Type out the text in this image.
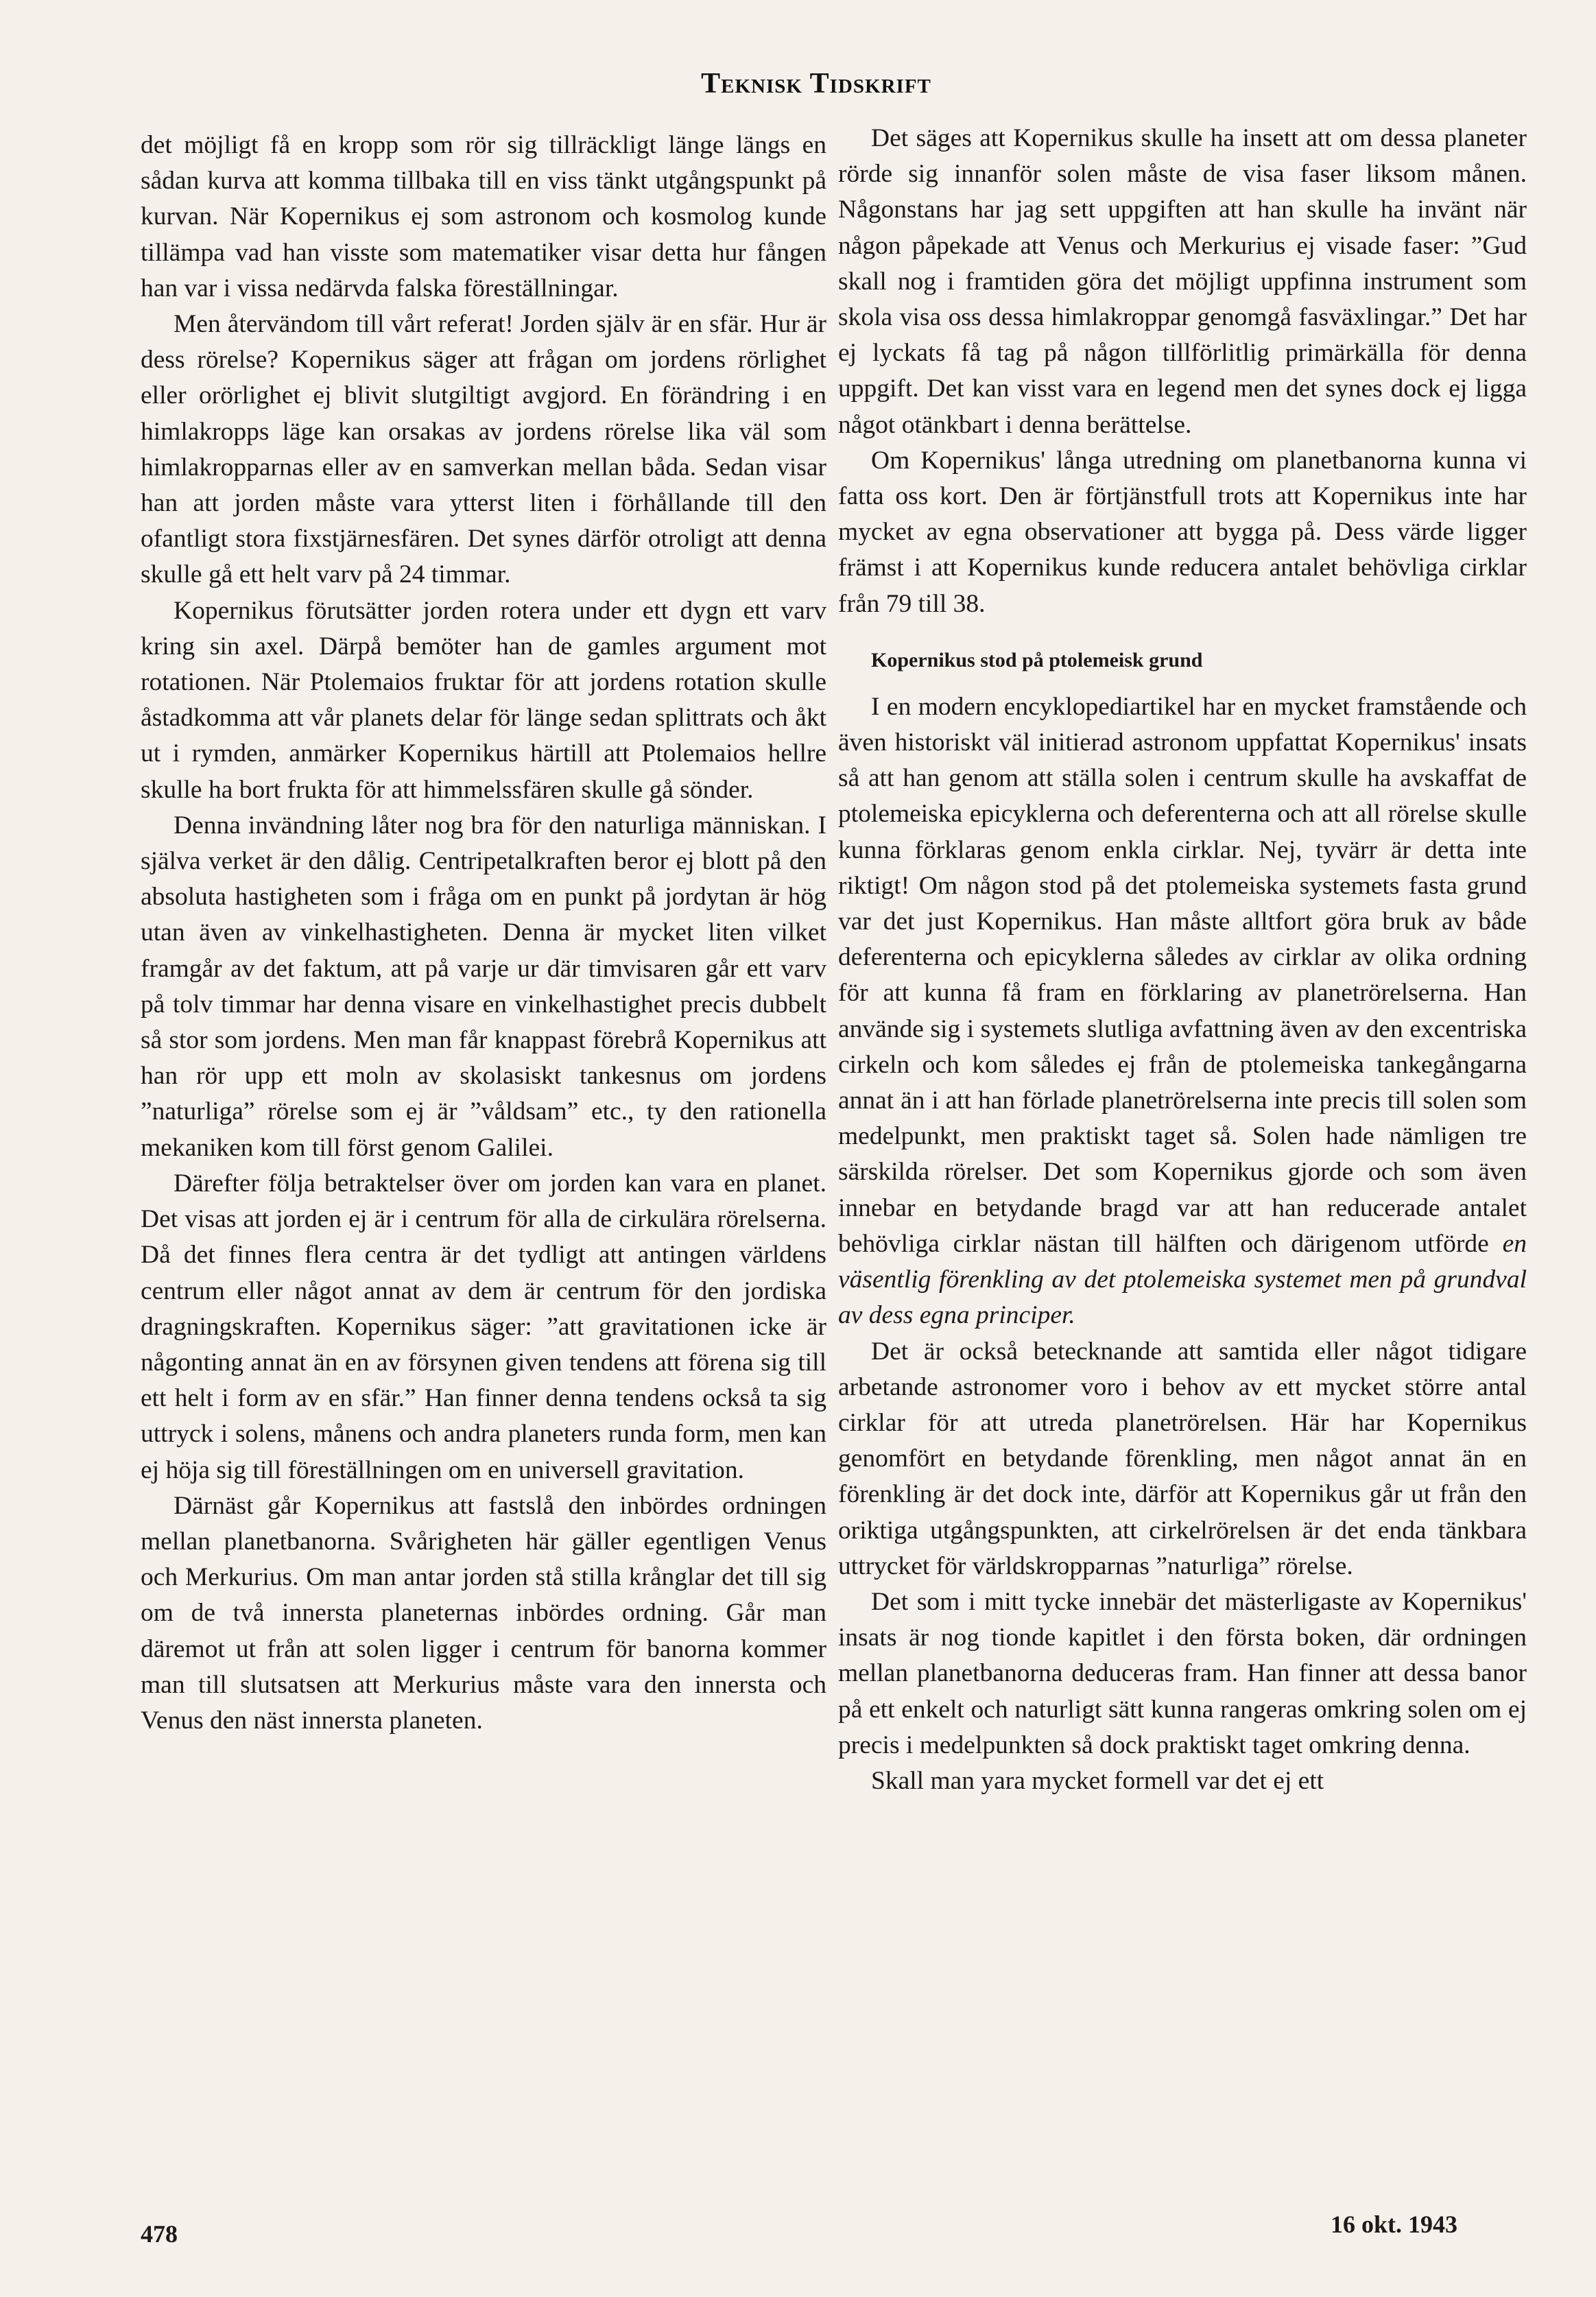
Teknisk Tidskrift

det möjligt få en kropp som rör sig tillräckligt länge längs en sådan kurva att komma tillbaka till en viss tänkt utgångspunkt på kurvan. När Kopernikus ej som astronom och kosmolog kunde tillämpa vad han visste som matematiker visar detta hur fången han var i vissa nedärvda falska föreställningar.

Men återvändom till vårt referat! Jorden själv är en sfär. Hur är dess rörelse? Kopernikus säger att frågan om jordens rörlighet eller orörlighet ej blivit slutgiltigt avgjord. En förändring i en himlakropps läge kan orsakas av jordens rörelse lika väl som himlakropparnas eller av en samverkan mellan båda. Sedan visar han att jorden måste vara ytterst liten i förhållande till den ofantligt stora fixstjärnesfären. Det synes därför otroligt att denna skulle gå ett helt varv på 24 timmar.

Kopernikus förutsätter jorden rotera under ett dygn ett varv kring sin axel. Därpå bemöter han de gamles argument mot rotationen. När Ptolemaios fruktar för att jordens rotation skulle åstadkomma att vår planets delar för länge sedan splittrats och åkt ut i rymden, anmärker Kopernikus härtill att Ptolemaios hellre skulle ha bort frukta för att himmelssfären skulle gå sönder.

Denna invändning låter nog bra för den naturliga människan. I själva verket är den dålig. Centripetalkraften beror ej blott på den absoluta hastigheten som i fråga om en punkt på jordytan är hög utan även av vinkelhastigheten. Denna är mycket liten vilket framgår av det faktum, att på varje ur där timvisaren går ett varv på tolv timmar har denna visare en vinkelhastighet precis dubbelt så stor som jordens. Men man får knappast förebrå Kopernikus att han rör upp ett moln av skolasiskt tankesnus om jordens ”naturliga” rörelse som ej är ”våldsam” etc., ty den rationella mekaniken kom till först genom Galilei.

Därefter följa betraktelser över om jorden kan vara en planet. Det visas att jorden ej är i centrum för alla de cirkulära rörelserna. Då det finnes flera centra är det tydligt att antingen världens centrum eller något annat av dem är centrum för den jordiska dragningskraften. Kopernikus säger: ”att gravitationen icke är någonting annat än en av försynen given tendens att förena sig till ett helt i form av en sfär.” Han finner denna tendens också ta sig uttryck i solens, månens och andra planeters runda form, men kan ej höja sig till föreställningen om en universell gravitation.

Därnäst går Kopernikus att fastslå den inbördes ordningen mellan planetbanorna. Svårigheten här gäller egentligen Venus och Merkurius. Om man antar jorden stå stilla krånglar det till sig om de två innersta planeternas inbördes ordning. Går man däremot ut från att solen ligger i centrum för banorna kommer man till slutsatsen att Merkurius måste vara den innersta och Venus den näst innersta planeten.

Det säges att Kopernikus skulle ha insett att om dessa planeter rörde sig innanför solen måste de visa faser liksom månen. Någonstans har jag sett uppgiften att han skulle ha invänt när någon påpekade att Venus och Merkurius ej visade faser: ”Gud skall nog i framtiden göra det möjligt uppfinna instrument som skola visa oss dessa himlakroppar genomgå fasväxlingar.” Det har ej lyckats få tag på någon tillförlitlig primärkälla för denna uppgift. Det kan visst vara en legend men det synes dock ej ligga något otänkbart i denna berättelse.

Om Kopernikus' långa utredning om planetbanorna kunna vi fatta oss kort. Den är förtjänstfull trots att Kopernikus inte har mycket av egna observationer att bygga på. Dess värde ligger främst i att Kopernikus kunde reducera antalet behövliga cirklar från 79 till 38.

Kopernikus stod på ptolemeisk grund

I en modern encyklopediartikel har en mycket framstående och även historiskt väl initierad astronom uppfattat Kopernikus' insats så att han genom att ställa solen i centrum skulle ha avskaffat de ptolemeiska epicyklerna och deferenterna och att all rörelse skulle kunna förklaras genom enkla cirklar. Nej, tyvärr är detta inte riktigt! Om någon stod på det ptolemeiska systemets fasta grund var det just Kopernikus. Han måste alltfort göra bruk av både deferenterna och epicyklerna således av cirklar av olika ordning för att kunna få fram en förklaring av planetrörelserna. Han använde sig i systemets slutliga avfattning även av den excentriska cirkeln och kom således ej från de ptolemeiska tankegångarna annat än i att han förlade planetrörelserna inte precis till solen som medelpunkt, men praktiskt taget så. Solen hade nämligen tre särskilda rörelser. Det som Kopernikus gjorde och som även innebar en betydande bragd var att han reducerade antalet behövliga cirklar nästan till hälften och därigenom utförde en väsentlig förenkling av det ptolemeiska systemet men på grundval av dess egna principer.

Det är också betecknande att samtida eller något tidigare arbetande astronomer voro i behov av ett mycket större antal cirklar för att utreda planetrörelsen. Här har Kopernikus genomfört en betydande förenkling, men något annat än en förenkling är det dock inte, därför att Kopernikus går ut från den oriktiga utgångspunkten, att cirkelrörelsen är det enda tänkbara uttrycket för världskropparnas ”naturliga” rörelse.

Det som i mitt tycke innebär det mästerligaste av Kopernikus' insats är nog tionde kapitlet i den första boken, där ordningen mellan planetbanorna deduceras fram. Han finner att dessa banor på ett enkelt och naturligt sätt kunna rangeras omkring solen om ej precis i medelpunkten så dock praktiskt taget omkring denna.

Skall man yara mycket formell var det ej ett

478	16 okt. 1943
